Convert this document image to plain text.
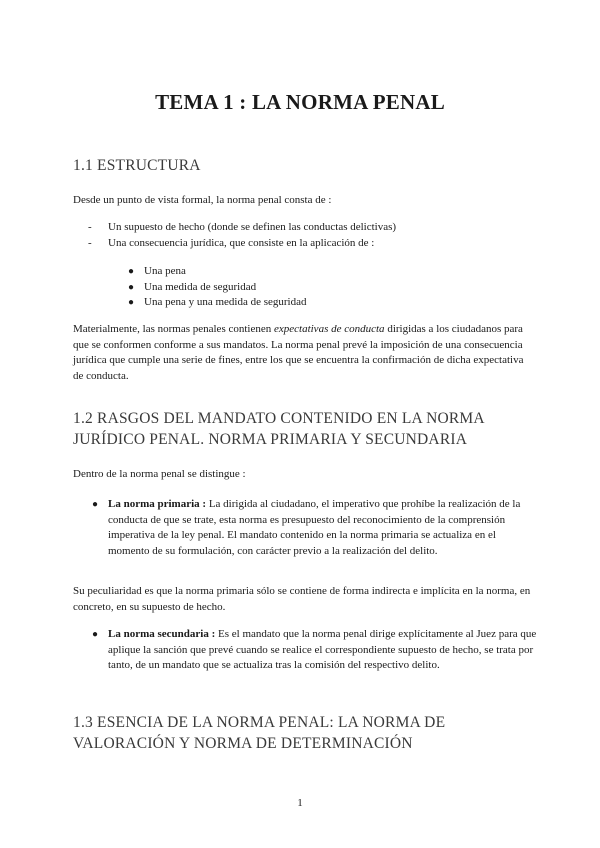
TEMA 1 : LA NORMA PENAL
1.1 ESTRUCTURA

Desde un punto de vista formal, la norma penal consta de :

- Un supuesto de hecho (donde se definen las conductas delictivas)
- Una consecuencia jurídica, que consiste en la aplicación de :
● Una pena
● Una medida de seguridad
● Una pena y una medida de seguridad

Materialmente, las normas penales contienen expectativas de conducta dirigidas a los ciudadanos para que se conformen conforme a sus mandatos. La norma penal prevé la imposición de una consecuencia jurídica que cumple una serie de fines, entre los que se encuentra la confirmación de dicha expectativa de conducta.

1.2 RASGOS DEL MANDATO CONTENIDO EN LA NORMA JURÍDICO PENAL. NORMA PRIMARIA Y SECUNDARIA

Dentro de la norma penal se distingue :

● La norma primaria : La dirigida al ciudadano, el imperativo que prohíbe la realización de la conducta de que se trate, esta norma es presupuesto del reconocimiento de la comprensión imperativa de la ley penal. El mandato contenido en la norma primaria se actualiza en el momento de su formulación, con carácter previo a la realización del delito.

Su peculiaridad es que la norma primaria sólo se contiene de forma indirecta e implícita en la norma, en concreto, en su supuesto de hecho.

● La norma secundaria : Es el mandato que la norma penal dirige explícitamente al Juez para que aplique la sanción que prevé cuando se realice el correspondiente supuesto de hecho, se trata por tanto, de un mandato que se actualiza tras la comisión del respectivo delito.

1.3 ESENCIA DE LA NORMA PENAL: LA NORMA DE VALORACIÓN Y NORMA DE DETERMINACIÓN
1
